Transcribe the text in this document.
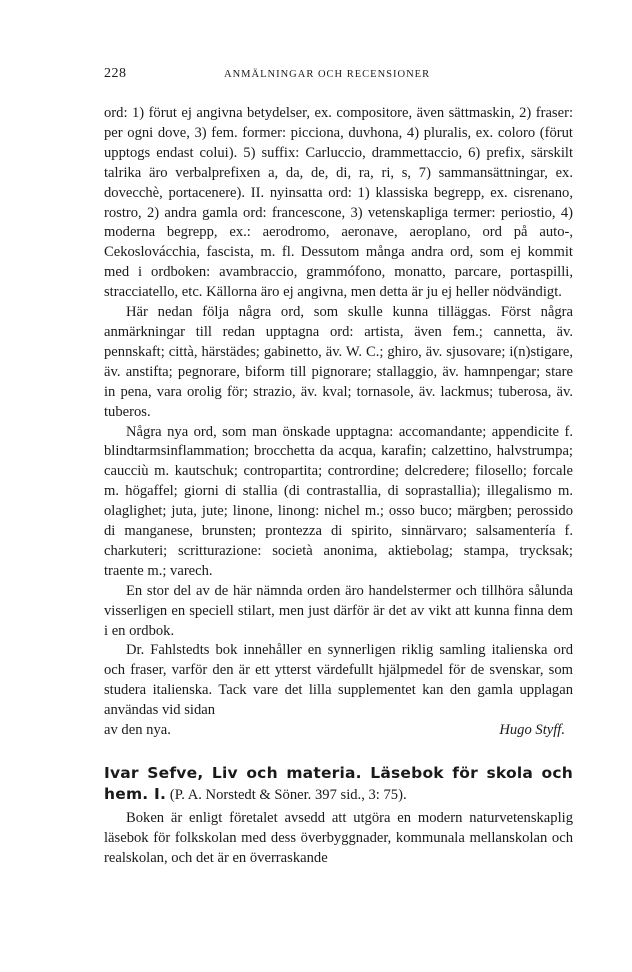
228	ANMÄLNINGAR OCH RECENSIONER

ord: 1) förut ej angivna betydelser, ex. compositore, även sättmaskin, 2) fraser: per ogni dove, 3) fem. former: picciona, duvhona, 4) pluralis, ex. coloro (förut upptogs endast colui). 5) suffix: Carluccio, drammettaccio, 6) prefix, särskilt talrika äro verbalprefixen a, da, de, di, ra, ri, s, 7) sammansättningar, ex. dovecchè, portacenere). II. nyinsatta ord: 1) klassiska begrepp, ex. cisrenano, rostro, 2) andra gamla ord: francescone, 3) vetenskapliga termer: periostio, 4) moderna begrepp, ex.: aerodromo, aeronave, aeroplano, ord på auto-, Cekoslovácchia, fascista, m. fl. Dessutom många andra ord, som ej kommit med i ordboken: avambraccio, grammófono, monatto, parcare, portaspilli, stracciatello, etc. Källorna äro ej angivna, men detta är ju ej heller nödvändigt.

Här nedan följa några ord, som skulle kunna tilläggas. Först några anmärkningar till redan upptagna ord: artista, även fem.; cannetta, äv. pennskaft; città, härstädes; gabinetto, äv. W. C.; ghiro, äv. sjusovare; i(n)stigare, äv. anstifta; pegnorare, biform till pignorare; stallaggio, äv. hamnpengar; stare in pena, vara orolig för; strazio, äv. kval; tornasole, äv. lackmus; tuberosa, äv. tuberos.

Några nya ord, som man önskade upptagna: accomandante; appendicite f. blindtarmsinflammation; brocchetta da acqua, karafin; calzettino, halvstrumpa; caucciù m. kautschuk; contropartita; contrordine; delcredere; filosello; forcale m. högaffel; giorni di stallia (di contrastallia, di soprastallia); illegalismo m. olaglighet; juta, jute; linone, linong: nichel m.; osso buco; märgben; perossido di manganese, brunsten; prontezza di spirito, sinnärvaro; salsamentería f. charkuteri; scritturazione: società anonima, aktiebolag; stampa, trycksak; traente m.; varech.

En stor del av de här nämnda orden äro handelstermer och tillhöra sålunda visserligen en speciell stilart, men just därför är det av vikt att kunna finna dem i en ordbok.

Dr. Fahlstedts bok innehåller en synnerligen riklig samling italienska ord och fraser, varför den är ett ytterst värdefullt hjälpmedel för de svenskar, som studera italienska. Tack vare det lilla supplementet kan den gamla upplagan användas vid sidan

av den nya.	Hugo Styff.
Ivar Sefve, Liv och materia. Läsebok för skola och hem. I. (P. A. Norstedt & Söner. 397 sid., 3: 75).

Boken är enligt företalet avsedd att utgöra en modern naturvetenskaplig läsebok för folkskolan med dess överbyggnader, kommunala mellanskolan och realskolan, och det är en överraskande
